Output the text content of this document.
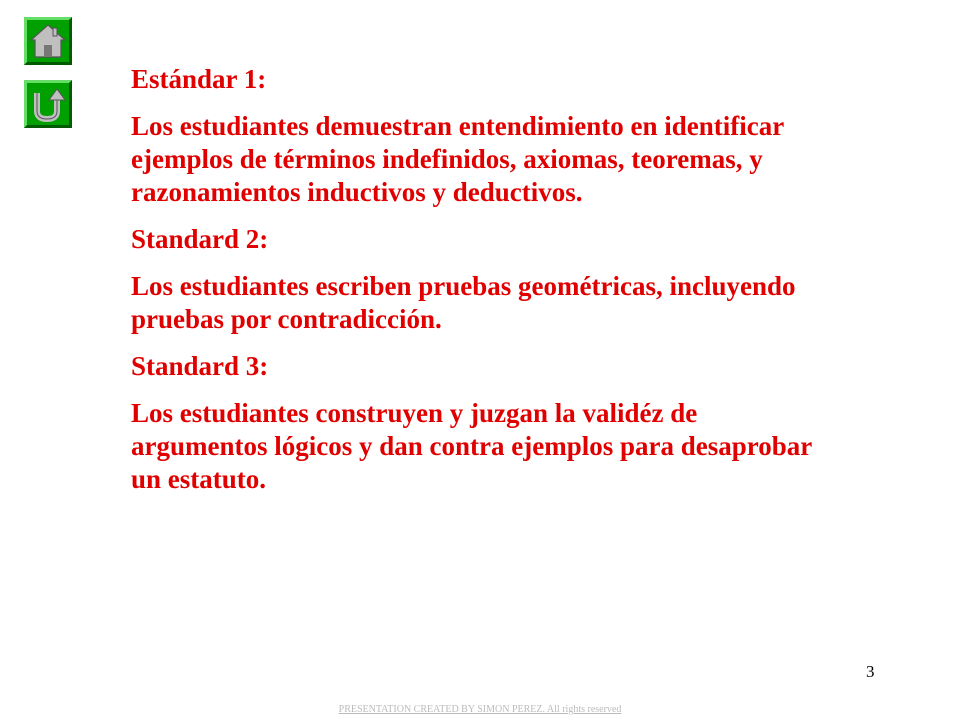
Estándar 1:

Los estudiantes demuestran entendimiento en identificar ejemplos de términos indefinidos, axiomas, teoremas, y razonamientos inductivos y deductivos.

Standard 2:

Los estudiantes escriben pruebas geométricas, incluyendo pruebas por contradicción.

Standard 3:

Los estudiantes construyen y juzgan la validéz de argumentos lógicos y dan contra ejemplos para desaprobar un estatuto.

3
PRESENTATION CREATED BY SIMON PEREZ. All rights reserved
